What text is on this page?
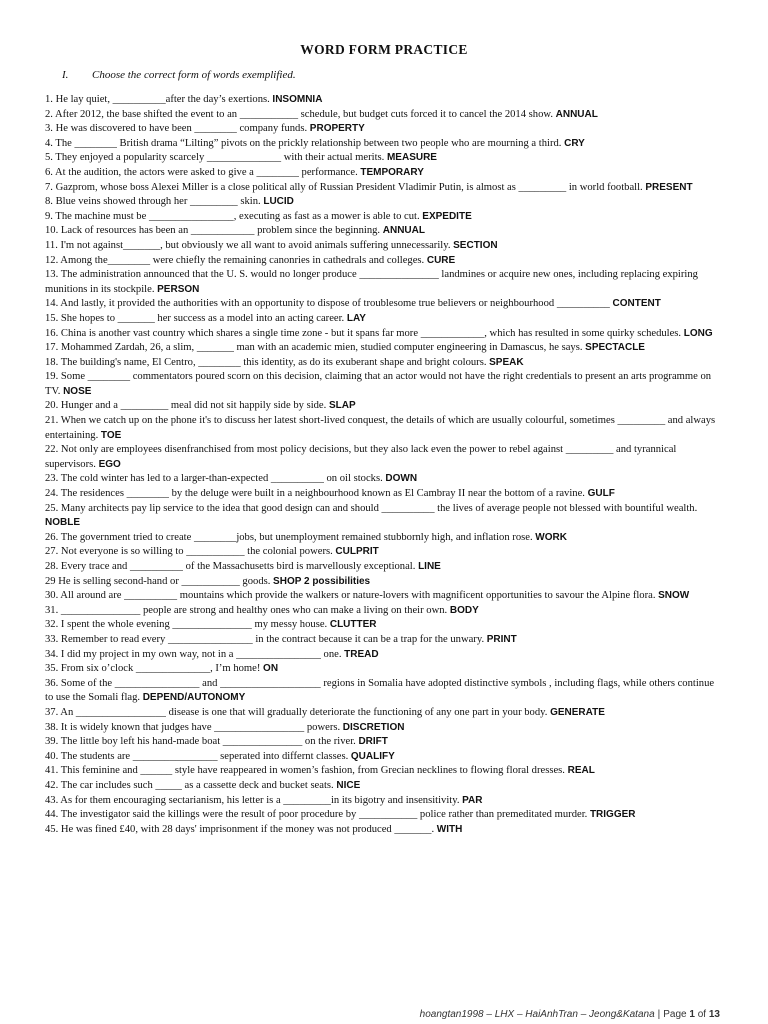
WORD FORM PRACTICE
I. Choose the correct form of words exemplified.
1. He lay quiet, __________after the day’s exertions. INSOMNIA
2. After 2012, the base shifted the event to an ___________ schedule, but budget cuts forced it to cancel the 2014 show. ANNUAL
3. He was discovered to have been ________ company funds. PROPERTY
4. The ________ British drama “Lilting” pivots on the prickly relationship between two people who are mourning a third. CRY
5. They enjoyed a popularity scarcely ______________ with their actual merits. MEASURE
6. At the audition, the actors were asked to give a ________ performance. TEMPORARY
7. Gazprom, whose boss Alexei Miller is a close political ally of Russian President Vladimir Putin, is almost as _________ in world football. PRESENT
8. Blue veins showed through her _________ skin. LUCID
9. The machine must be ________________, executing as fast as a mower is able to cut. EXPEDITE
10. Lack of resources has been an ____________ problem since the beginning. ANNUAL
11. I'm not against_______, but obviously we all want to avoid animals suffering unnecessarily. SECTION
12. Among the________ were chiefly the remaining canonries in cathedrals and colleges. CURE
13. The administration announced that the U. S. would no longer produce _______________ landmines or acquire new ones, including replacing expiring munitions in its stockpile. PERSON
14. And lastly, it provided the authorities with an opportunity to dispose of troublesome true believers or neighbourhood __________ CONTENT
15. She hopes to _______ her success as a model into an acting career. LAY
16. China is another vast country which shares a single time zone - but it spans far more ____________, which has resulted in some quirky schedules. LONG
17. Mohammed Zardah, 26, a slim, _______ man with an academic mien, studied computer engineering in Damascus, he says. SPECTACLE
18. The building's name, El Centro, ________ this identity, as do its exuberant shape and bright colours. SPEAK
19. Some ________ commentators poured scorn on this decision, claiming that an actor would not have the right credentials to present an arts programme on TV. NOSE
20. Hunger and a _________ meal did not sit happily side by side. SLAP
21. When we catch up on the phone it's to discuss her latest short-lived conquest, the details of which are usually colourful, sometimes _________ and always entertaining. TOE
22. Not only are employees disenfranchised from most policy decisions, but they also lack even the power to rebel against _________ and tyrannical supervisors. EGO
23. The cold winter has led to a larger-than-expected __________ on oil stocks. DOWN
24. The residences ________ by the deluge were built in a neighbourhood known as El Cambray II near the bottom of a ravine. GULF
25. Many architects pay lip service to the idea that good design can and should __________ the lives of average people not blessed with bountiful wealth. NOBLE
26. The government tried to create ________jobs, but unemployment remained stubbornly high, and inflation rose. WORK
27. Not everyone is so willing to ___________ the colonial powers. CULPRIT
28. Every trace and __________ of the Massachusetts bird is marvellously exceptional. LINE
29 He is selling second-hand or ___________ goods. SHOP 2 possibilities
30. All around are __________ mountains which provide the walkers or nature-lovers with magnificent opportunities to savour the Alpine flora. SNOW
31. _______________ people are strong and healthy ones who can make a living on their own. BODY
32. I spent the whole evening _______________ my messy house. CLUTTER
33. Remember to read every ________________ in the contract because it can be a trap for the unwary. PRINT
34. I did my project in my own way, not in a ________________ one. TREAD
35. From six o’clock ______________, I’m home! ON
36. Some of the ________________ and ___________________ regions in Somalia have adopted distinctive symbols , including flags, while others continue to use the Somali flag. DEPEND/AUTONOMY
37. An _________________ disease is one that will gradually deteriorate the functioning of any one part in your body. GENERATE
38. It is widely known that judges have _________________ powers. DISCRETION
39. The little boy left his hand-made boat _______________ on the river. DRIFT
40. The students are ________________ seperated into differnt classes. QUALIFY
41. This feminine and ______ style have reappeared in women’s fashion, from Grecian necklines to flowing floral dresses. REAL
42. The car includes such _____ as a cassette deck and bucket seats. NICE
43. As for them encouraging sectarianism, his letter is a _________in its bigotry and insensitivity. PAR
44. The investigator said the killings were the result of poor procedure by ___________ police rather than premeditated murder. TRIGGER
45. He was fined £40, with 28 days' imprisonment if the money was not produced _______. WITH
hoangtan1998 – LHX – HaiAnhTran – Jeong&Katana | Page 1 of 13
